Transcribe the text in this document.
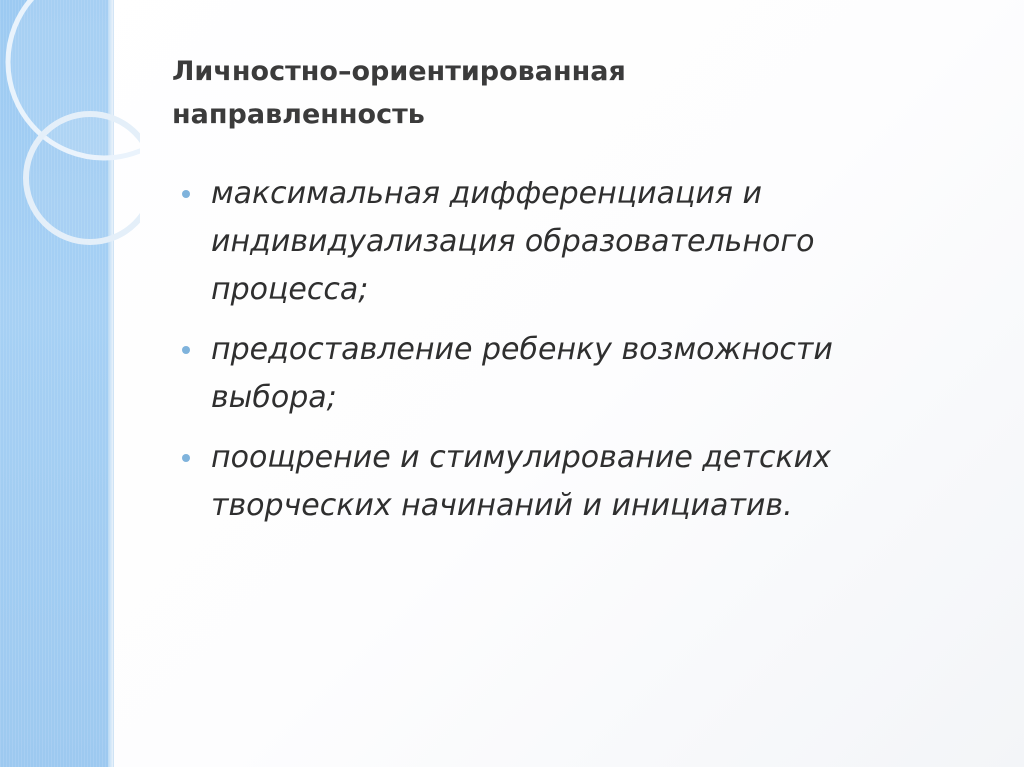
Личностно–ориентированная
направленность
максимальная дифференциация и
индивидуализация образовательного
процесса;
предоставление ребенку возможности
выбора;
поощрение и стимулирование детских
творческих начинаний и инициатив.
